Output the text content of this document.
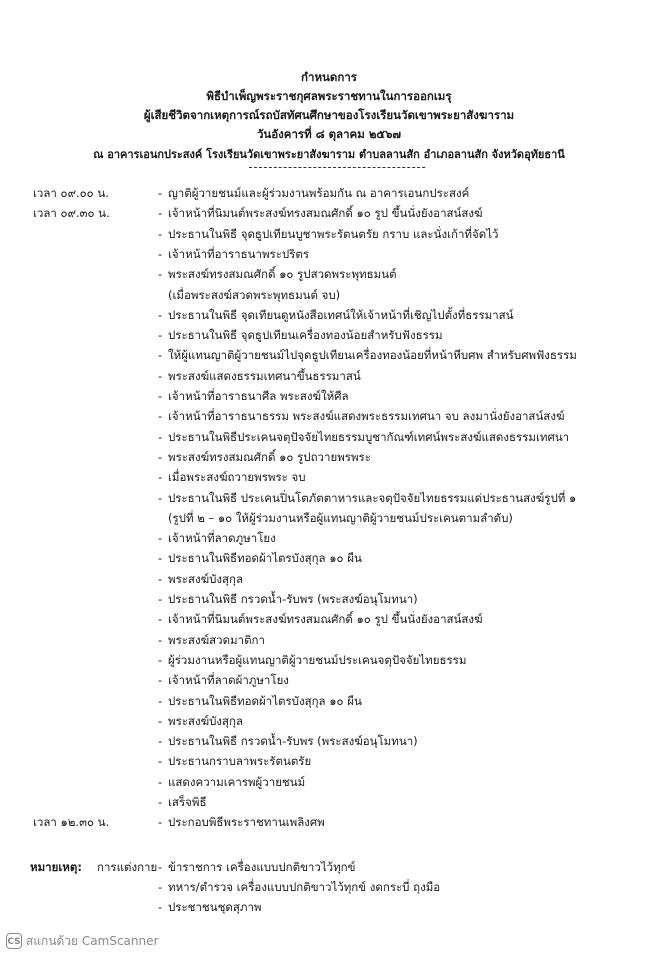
กำหนดการ
พิธีบำเพ็ญพระราชกุศลพระราชทานในการออกเมรุ
ผู้เสียชีวิตจากเหตุการณ์รถบัสทัศนศึกษาของโรงเรียนวัดเขาพระยาสังฆาราม
วันอังคารที่ ๘ ตุลาคม ๒๕๖๗
ณ อาคารเอนกประสงค์ โรงเรียนวัดเขาพระยาสังฆาราม ตำบลลานสัก อำเภอลานสัก จังหวัดอุทัยธานี
เวลา ๐๙.๐๐ น.	- ญาติผู้วายชนม์และผู้ร่วมงานพร้อมกัน ณ อาคารเอนกประสงค์
เวลา ๐๙.๓๐ น.	- เจ้าหน้าที่นิมนต์พระสงฆ์ทรงสมณศักดิ์ ๑๐ รูป ขึ้นนั่งยังอาสน์สงฆ์
- ประธานในพิธี จุดธูปเทียนบูชาพระรัตนตรัย กราบ และนั่งเก้าที่จัดไว้
- เจ้าหน้าที่อาราธนาพระปริตร
- พระสงฆ์ทรงสมณศักดิ์ ๑๐ รูปสวดพระพุทธมนต์
(เมื่อพระสงฆ์สวดพระพุทธมนต์ จบ)
- ประธานในพิธี จุดเทียนดูหนังสือเทศน์ให้เจ้าหน้าที่เชิญไปตั้งที่ธรรมาสน์
- ประธานในพิธี จุดธูปเทียนเครื่องทองน้อยสำหรับฟังธรรม
- ให้ผู้แทนญาติผู้วายชนม์ไปจุดธูปเทียนเครื่องทองน้อยที่หน้าหีบศพ สำหรับศพฟังธรรม
- พระสงฆ์แสดงธรรมเทศนาขึ้นธรรมาสน์
- เจ้าหน้าที่อาราธนาศีล พระสงฆ์ให้ศีล
- เจ้าหน้าที่อาราธนาธรรม พระสงฆ์แสดงพระธรรมเทศนา จบ ลงมานั่งยังอาสน์สงฆ์
- ประธานในพิธีประเคนจตุปัจจัยไทยธรรมบูชากัณฑ์เทศน์พระสงฆ์แสดงธรรมเทศนา
- พระสงฆ์ทรงสมณศักดิ์ ๑๐ รูปถวายพรพระ
- เมื่อพระสงฆ์ถวายพรพระ จบ
- ประธานในพิธี ประเคนปิ่นโตภัตตาหารและจตุปัจจัยไทยธรรมแด่ประธานสงฆ์รูปที่ ๑
(รูปที่ ๒ – ๑๐ ให้ผู้ร่วมงานหรือผู้แทนญาติผู้วายชนม์ประเคนตามลำดับ)
- เจ้าหน้าที่ลาดภูษาโยง
- ประธานในพิธีทอดผ้าไตรบังสุกุล ๑๐ ผืน
- พระสงฆ์บังสุกุล
- ประธานในพิธี กรวดน้ำ-รับพร (พระสงฆ์อนุโมทนา)
- เจ้าหน้าที่นิมนต์พระสงฆ์ทรงสมณศักดิ์ ๑๐ รูป ขึ้นนั่งยังอาสน์สงฆ์
- พระสงฆ์สวดมาติกา
- ผู้ร่วมงานหรือผู้แทนญาติผู้วายชนม์ประเคนจตุปัจจัยไทยธรรม
- เจ้าหน้าที่ลาดผ้าภูษาโยง
- ประธานในพิธีทอดผ้าไตรบังสุกุล ๑๐ ผืน
- พระสงฆ์บังสุกุล
- ประธานในพิธี กรวดน้ำ-รับพร (พระสงฆ์อนุโมทนา)
- ประธานกราบลาพระรัตนตรัย
- แสดงความเคารพผู้วายชนม์
- เสร็จพิธี
เวลา ๑๒.๓๐ น.	- ประกอบพิธีพระราชทานเพลิงศพ
หมายเหตุ: การแต่งกาย - ข้าราชการ เครื่องแบบปกติขาวไว้ทุกข์
- ทหาร/ตำรวจ เครื่องแบบปกติขาวไว้ทุกข์ งดกระบี่ ถุงมือ
- ประชาชนชุดสุภาพ
CS สแกนด้วย CamScanner
